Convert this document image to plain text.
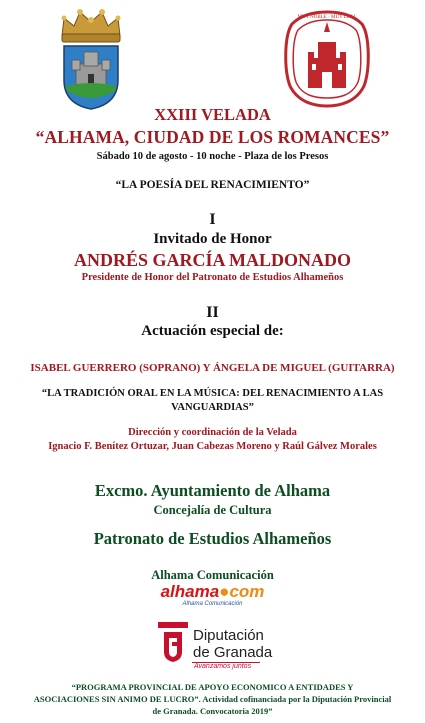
MUY NOBLE · MUY LEAL
XXIII VELADA
“ALHAMA, CIUDAD DE LOS ROMANCES”
Sábado 10 de agosto - 10 noche - Plaza de los Presos
“LA POESÍA DEL RENACIMIENTO”
I
Invitado de Honor
ANDRÉS GARCÍA MALDONADO
Presidente de Honor del Patronato de Estudios Alhameños
II
Actuación especial de:
ISABEL GUERRERO (SOPRANO) Y ÁNGELA DE MIGUEL (GUITARRA)
“LA TRADICIÓN ORAL EN LA MÚSICA: DEL RENACIMIENTO A LAS
VANGUARDIAS”
Dirección y coordinación de la Velada
Ignacio F. Benítez Ortuzar, Juan Cabezas Moreno y Raúl Gálvez Morales
Excmo. Ayuntamiento de Alhama
Concejalía de Cultura
Patronato de Estudios Alhameños
Alhama Comunicación
alhama●com
Alhama Comunicación
Diputación
de Granada
Avanzamos juntos
“PROGRAMA PROVINCIAL DE APOYO ECONOMICO A ENTIDADES Y
ASOCIACIONES SIN ANIMO DE LUCRO”. Actividad cofinanciada por la Diputación Provincial
de Granada. Convocatoria 2019”
